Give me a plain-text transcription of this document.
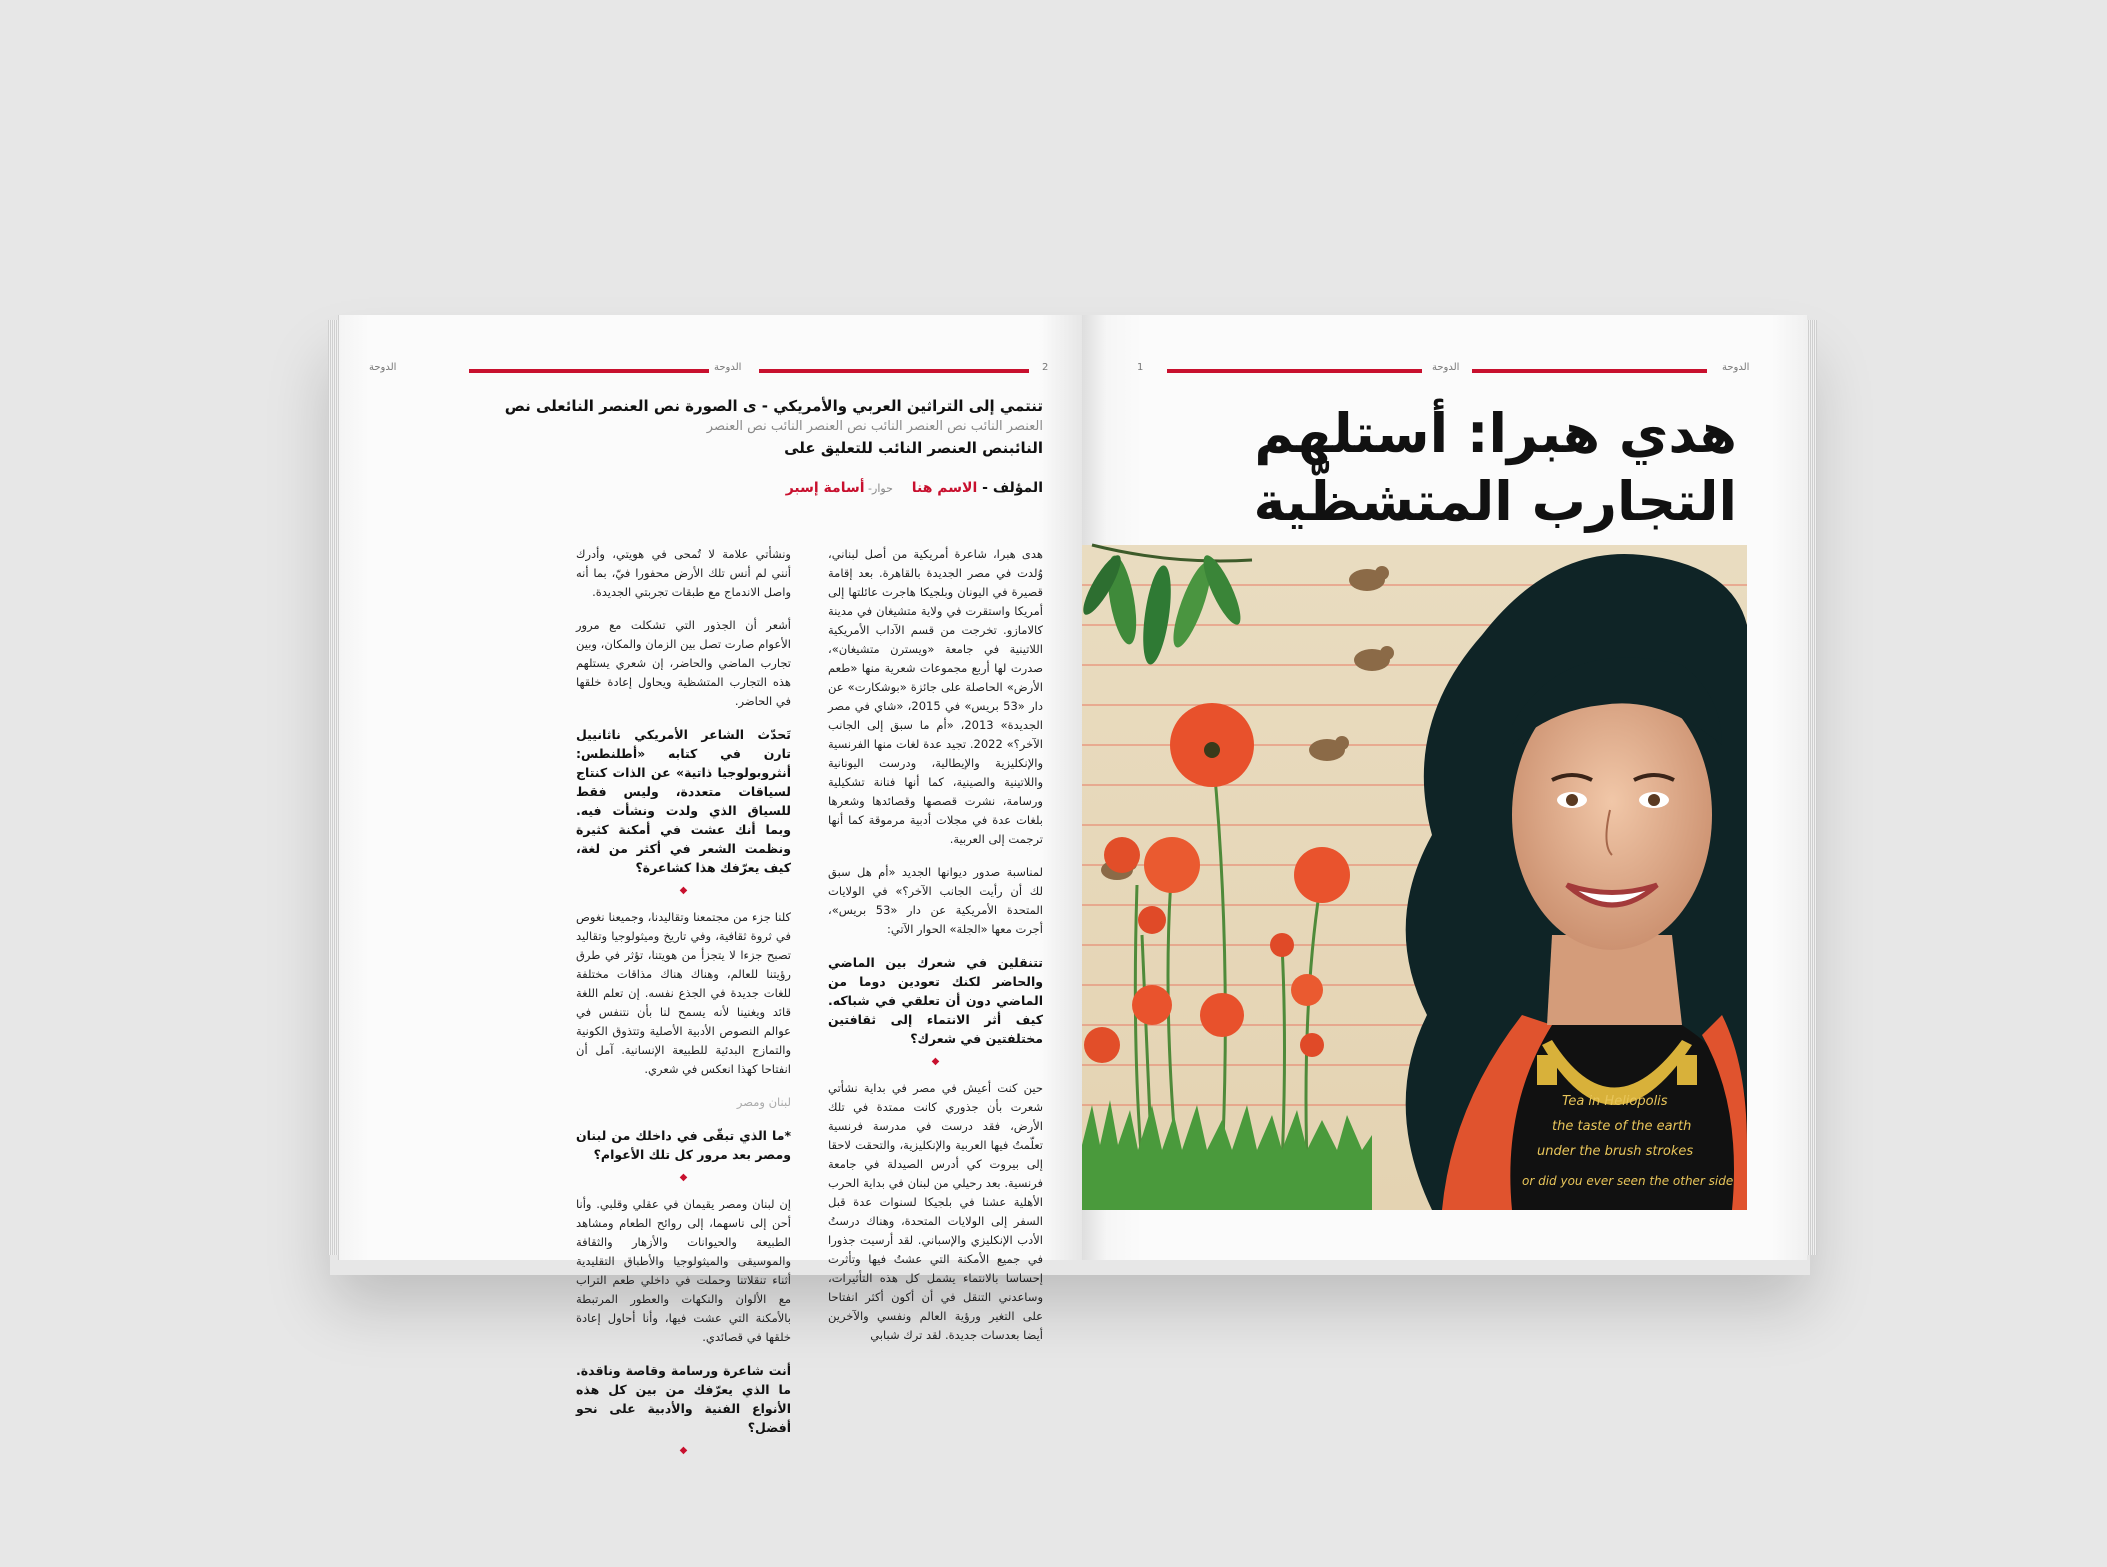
الدوحة	الدوحة	2
تنتمي إلى التراثين العربي والأمريكي - ى الصورة نص العنصر النائعلى نص
العنصر النائب نص العنصر النائب نص العنصر النائب نص العنصر
النائبنص العنصر النائب للتعليق على
المؤلف - الاسم هنا حوار- أسامة إسبر

هدى هبرا، شاعرة أمريكية من أصل لبناني، وُلدت في مصر الجديدة بالقاهرة. بعد إقامة قصيرة في اليونان وبلجيكا هاجرت عائلتها إلى أمريكا واستقرت في ولاية متشيغان في مدينة كالامازو. تخرجت من قسم الآداب الأمريكية اللاتينية في جامعة «ويسترن متشيغان»، صدرت لها أربع مجموعات شعرية منها «طعم الأرض» الحاصلة على جائزة «بوشكارت» عن دار «53 بريس» في 2015، «شاي في مصر الجديدة» 2013، «أم ما سبق إلى الجانب الآخر؟» 2022. تجيد عدة لغات منها الفرنسية والإنكليزية والإيطالية، ودرست اليونانية واللاتينية والصينية، كما أنها فنانة تشكيلية ورسامة، نشرت قصصها وقصائدها وشعرها بلغات عدة في مجلات أدبية مرموقة كما أنها ترجمت إلى العربية.

لمناسبة صدور ديوانها الجديد «أم هل سبق لك أن رأيت الجانب الآخر؟» في الولايات المتحدة الأمريكية عن دار «53 بريس»، أجرت معها «الجلة» الحوار الآتي:

تتنقلين في شعرك بين الماضي والحاضر لكنك تعودين دوما من الماضي دون أن تعلقي في شباكه. كيف أثر الانتماء إلى ثقافتين مختلفتين في شعرك؟

◆

حين كنت أعيش في مصر في بداية نشأتي شعرت بأن جذوري كانت ممتدة في تلك الأرض، فقد درست في مدرسة فرنسية تعلّمتُ فيها العربية والإنكليزية، والتحقت لاحقا إلى بيروت كي أدرس الصيدلة في جامعة فرنسية. بعد رحيلي من لبنان في بداية الحرب الأهلية عشنا في بلجيكا لسنوات عدة قبل السفر إلى الولايات المتحدة، وهناك درستُ الأدب الإنكليزي والإسباني. لقد أرسيت جذورا في جميع الأمكنة التي عشتُ فيها وتأثرت إحساسا بالانتماء يشمل كل هذه التأثيرات، وساعدني التنقل في أن أكون أكثر انفتاحا على التغير ورؤية العالم ونفسي والآخرين أيضا بعدسات جديدة. لقد ترك شبابي

ونشأتي علامة لا تُمحى في هويتي، وأدرك أنني لم أنس تلك الأرض محفورا فيّ، بما أنه واصل الاندماج مع طبقات تجربتي الجديدة.

أشعر أن الجذور التي تشكلت مع مرور الأعوام صارت تصل بين الزمان والمكان، وبين تجارب الماضي والحاضر، إن شعري يستلهم هذه التجارب المتشظية ويحاول إعادة خلقها في الحاضر.

تَحدّث الشاعر الأمريكي ناثانييل تارن في كتابه «أطلنطس: أنثروبولوجيا ذاتية» عن الذات كنتاج لسياقات متعددة، وليس فقط للسياق الذي ولدت ونشأت فيه. وبما أنك عشت في أمكنة كثيرة ونظمت الشعر في أكثر من لغة، كيف يعرّفك هذا كشاعرة؟

◆

كلنا جزء من مجتمعنا وتقاليدنا، وجميعنا نغوص في ثروة ثقافية، وفي تاريخ وميثولوجيا وتقاليد تصبح جزءا لا يتجزأ من هويتنا، تؤثر في طرق رؤيتنا للعالم، وهناك هناك مذاقات مختلفة للغات جديدة في الجذع نفسه. إن تعلم اللغة قائد ويغنينا لأنه يسمح لنا بأن نتنفس في عوالم النصوص الأدبية الأصلية وتتذوق الكونية والتمازج البدئية للطبيعة الإنسانية. آمل أن انفتاحا كهذا انعكس في شعري.

لبنان ومصر

*ما الذي تبقّى في داخلك من لبنان ومصر بعد مرور كل تلك الأعوام؟

◆

إن لبنان ومصر يقيمان في عقلي وقلبي. وأنا أحن إلى ناسهما، إلى روائح الطعام ومشاهد الطبيعة والحيوانات والأزهار والثقافة والموسيقى والميثولوجيا والأطباق التقليدية أثناء تنقلاتنا وحملت في داخلي طعم التراب مع الألوان والنكهات والعطور المرتبطة بالأمكنة التي عشت فيها، وأنا أحاول إعادة خلقها في قصائدي.

أنت شاعرة ورسامة وقاصة وناقدة. ما الذي يعرّفك من بين كل هذه الأنواع الفنية والأدبية على نحو أفضل؟

◆
1	الدوحة	الدوحة
هدي هبرا: أستلهم
التجارب المتشظّية
Tea in Heliopolis
the taste of the earth
under the brush strokes
or did you ever seen the other side
